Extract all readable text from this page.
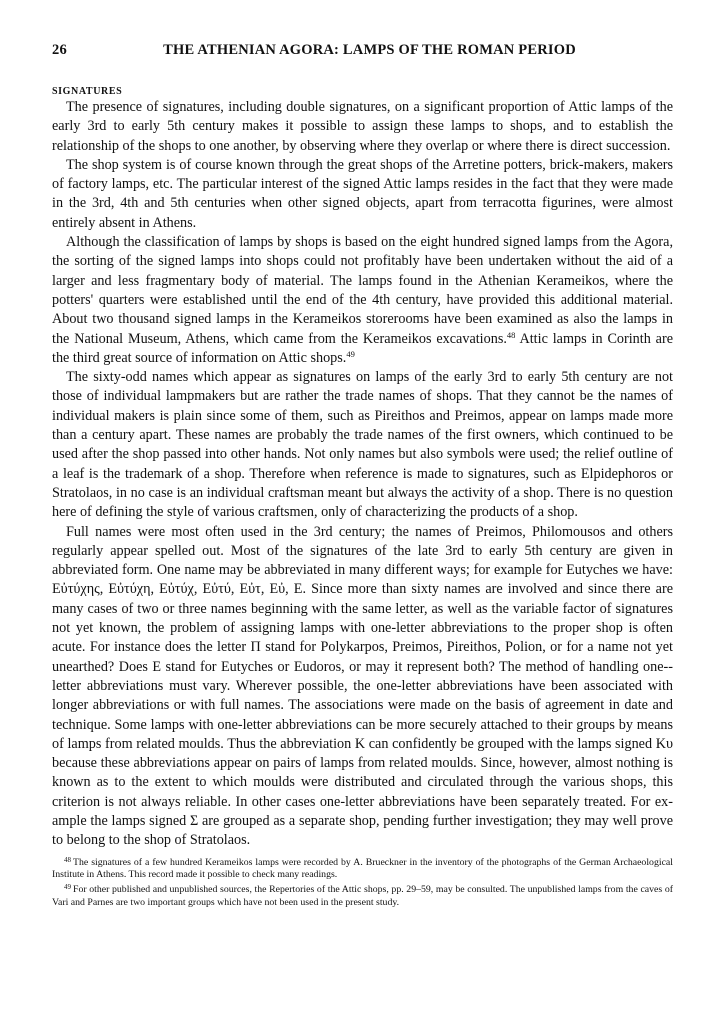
26	THE ATHENIAN AGORA: LAMPS OF THE ROMAN PERIOD
SIGNATURES

The presence of signatures, including double signatures, on a significant proportion of Attic lamps of the early 3rd to early 5th century makes it possible to assign these lamps to shops, and to establish the relationship of the shops to one another, by observing where they overlap or where there is direct succession.

The shop system is of course known through the great shops of the Arretine potters, brick-makers, makers of factory lamps, etc. The particular interest of the signed Attic lamps resides in the fact that they were made in the 3rd, 4th and 5th centuries when other signed objects, apart from terracotta figurines, were almost entirely absent in Athens.

Although the classification of lamps by shops is based on the eight hundred signed lamps from the Agora, the sorting of the signed lamps into shops could not profitably have been undertaken without the aid of a larger and less fragmentary body of material. The lamps found in the Athenian Kerameikos, where the potters' quarters were established until the end of the 4th century, have provided this additional material. About two thousand signed lamps in the Kerameikos storerooms have been examined as also the lamps in the National Museum, Athens, which came from the Kerameikos excavations.$^{48}$ Attic lamps in Corinth are the third great source of information on Attic shops.$^{49}$

The sixty-odd names which appear as signatures on lamps of the early 3rd to early 5th century are not those of individual lampmakers but are rather the trade names of shops. That they cannot be the names of individual makers is plain since some of them, such as Pireithos and Preimos, appear on lamps made more than a century apart. These names are probably the trade names of the first owners, which continued to be used after the shop passed into other hands. Not only names but also symbols were used; the relief outline of a leaf is the trademark of a shop. Therefore when reference is made to signatures, such as Elpidephoros or Stratolaos, in no case is an individual craftsman meant but always the activity of a shop. There is no question here of defining the style of various craftsmen, only of characterizing the products of a shop.

Full names were most often used in the 3rd century; the names of Preimos, Philomousos and others regularly appear spelled out. Most of the signatures of the late 3rd to early 5th century are given in abbreviated form. One name may be abbreviated in many different ways; for example for Eutyches we have: Εὐτύχης, Εὐτύχη, Εὐτύχ, Εὐτύ, Εὐτ, Εὐ, Ε. Since more than sixty names are involved and since there are many cases of two or three names beginning with the same letter, as well as the variable factor of signatures not yet known, the problem of assigning lamps with one-letter abbreviations to the proper shop is often acute. For instance does the letter Π stand for Polykarpos, Preimos, Pireithos, Polion, or for a name not yet unearthed? Does Ε stand for Eutyches or Eudoros, or may it represent both? The method of handling one-letter abbreviations must vary. Wherever possible, the one-letter abbreviations have been associated with longer abbreviations or with full names. The associations were made on the basis of agreement in date and technique. Some lamps with one-letter abbreviations can be more securely attached to their groups by means of lamps from related moulds. Thus the abbreviation Κ can confidently be grouped with the lamps signed Κυ because these abbreviations appear on pairs of lamps from related moulds. Since, however, almost nothing is known as to the extent to which moulds were distributed and circulated through the various shops, this criterion is not always reliable. In other cases one-letter abbreviations have been separately treated. For example the lamps signed Σ are grouped as a separate shop, pending further investigation; they may well prove to belong to the shop of Stratolaos.

$^{48}$ The signatures of a few hundred Kerameikos lamps were recorded by A. Brueckner in the inventory of the photographs of the German Archaeological Institute in Athens. This record made it possible to check many readings.

$^{49}$ For other published and unpublished sources, the Repertories of the Attic shops, pp. 29–59, may be consulted. The unpublished lamps from the caves of Vari and Parnes are two important groups which have not been used in the present study.
